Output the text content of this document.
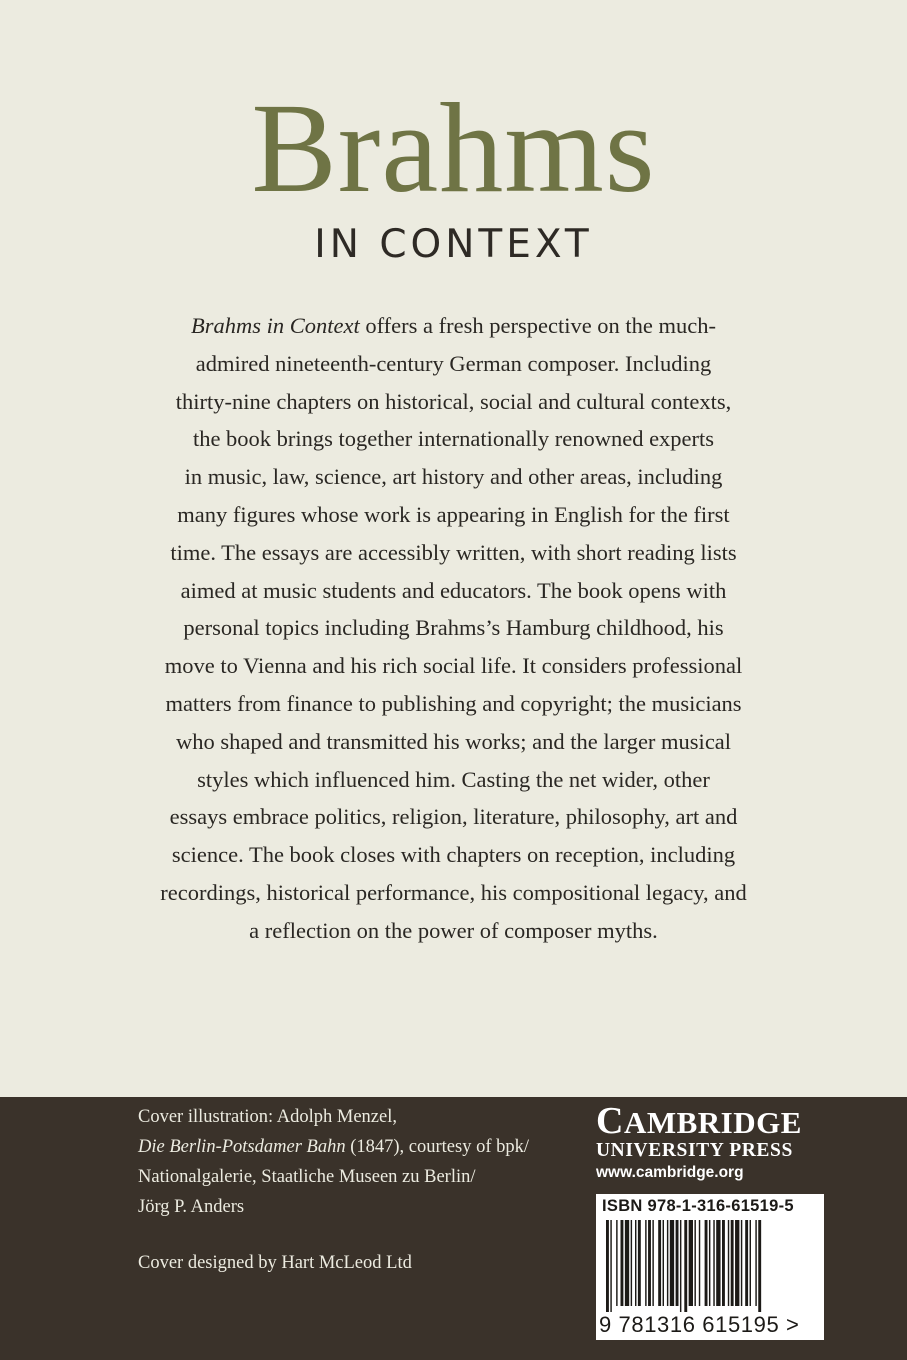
Brahms
IN CONTEXT
Brahms in Context offers a fresh perspective on the much-
admired nineteenth-century German composer. Including
thirty-nine chapters on historical, social and cultural contexts,
the book brings together internationally renowned experts
in music, law, science, art history and other areas, including
many figures whose work is appearing in English for the first
time. The essays are accessibly written, with short reading lists
aimed at music students and educators. The book opens with
personal topics including Brahms’s Hamburg childhood, his
move to Vienna and his rich social life. It considers professional
matters from finance to publishing and copyright; the musicians
who shaped and transmitted his works; and the larger musical
styles which influenced him. Casting the net wider, other
essays embrace politics, religion, literature, philosophy, art and
science. The book closes with chapters on reception, including
recordings, historical performance, his compositional legacy, and
a reflection on the power of composer myths.
Cover illustration: Adolph Menzel,
Die Berlin-Potsdamer Bahn (1847), courtesy of bpk/
Nationalgalerie, Staatliche Museen zu Berlin/
Jörg P. Anders
Cover designed by Hart McLeod Ltd
CAMBRIDGE
UNIVERSITY PRESS
www.cambridge.org
ISBN 978-1-316-61519-5
9 781316 615195 >
